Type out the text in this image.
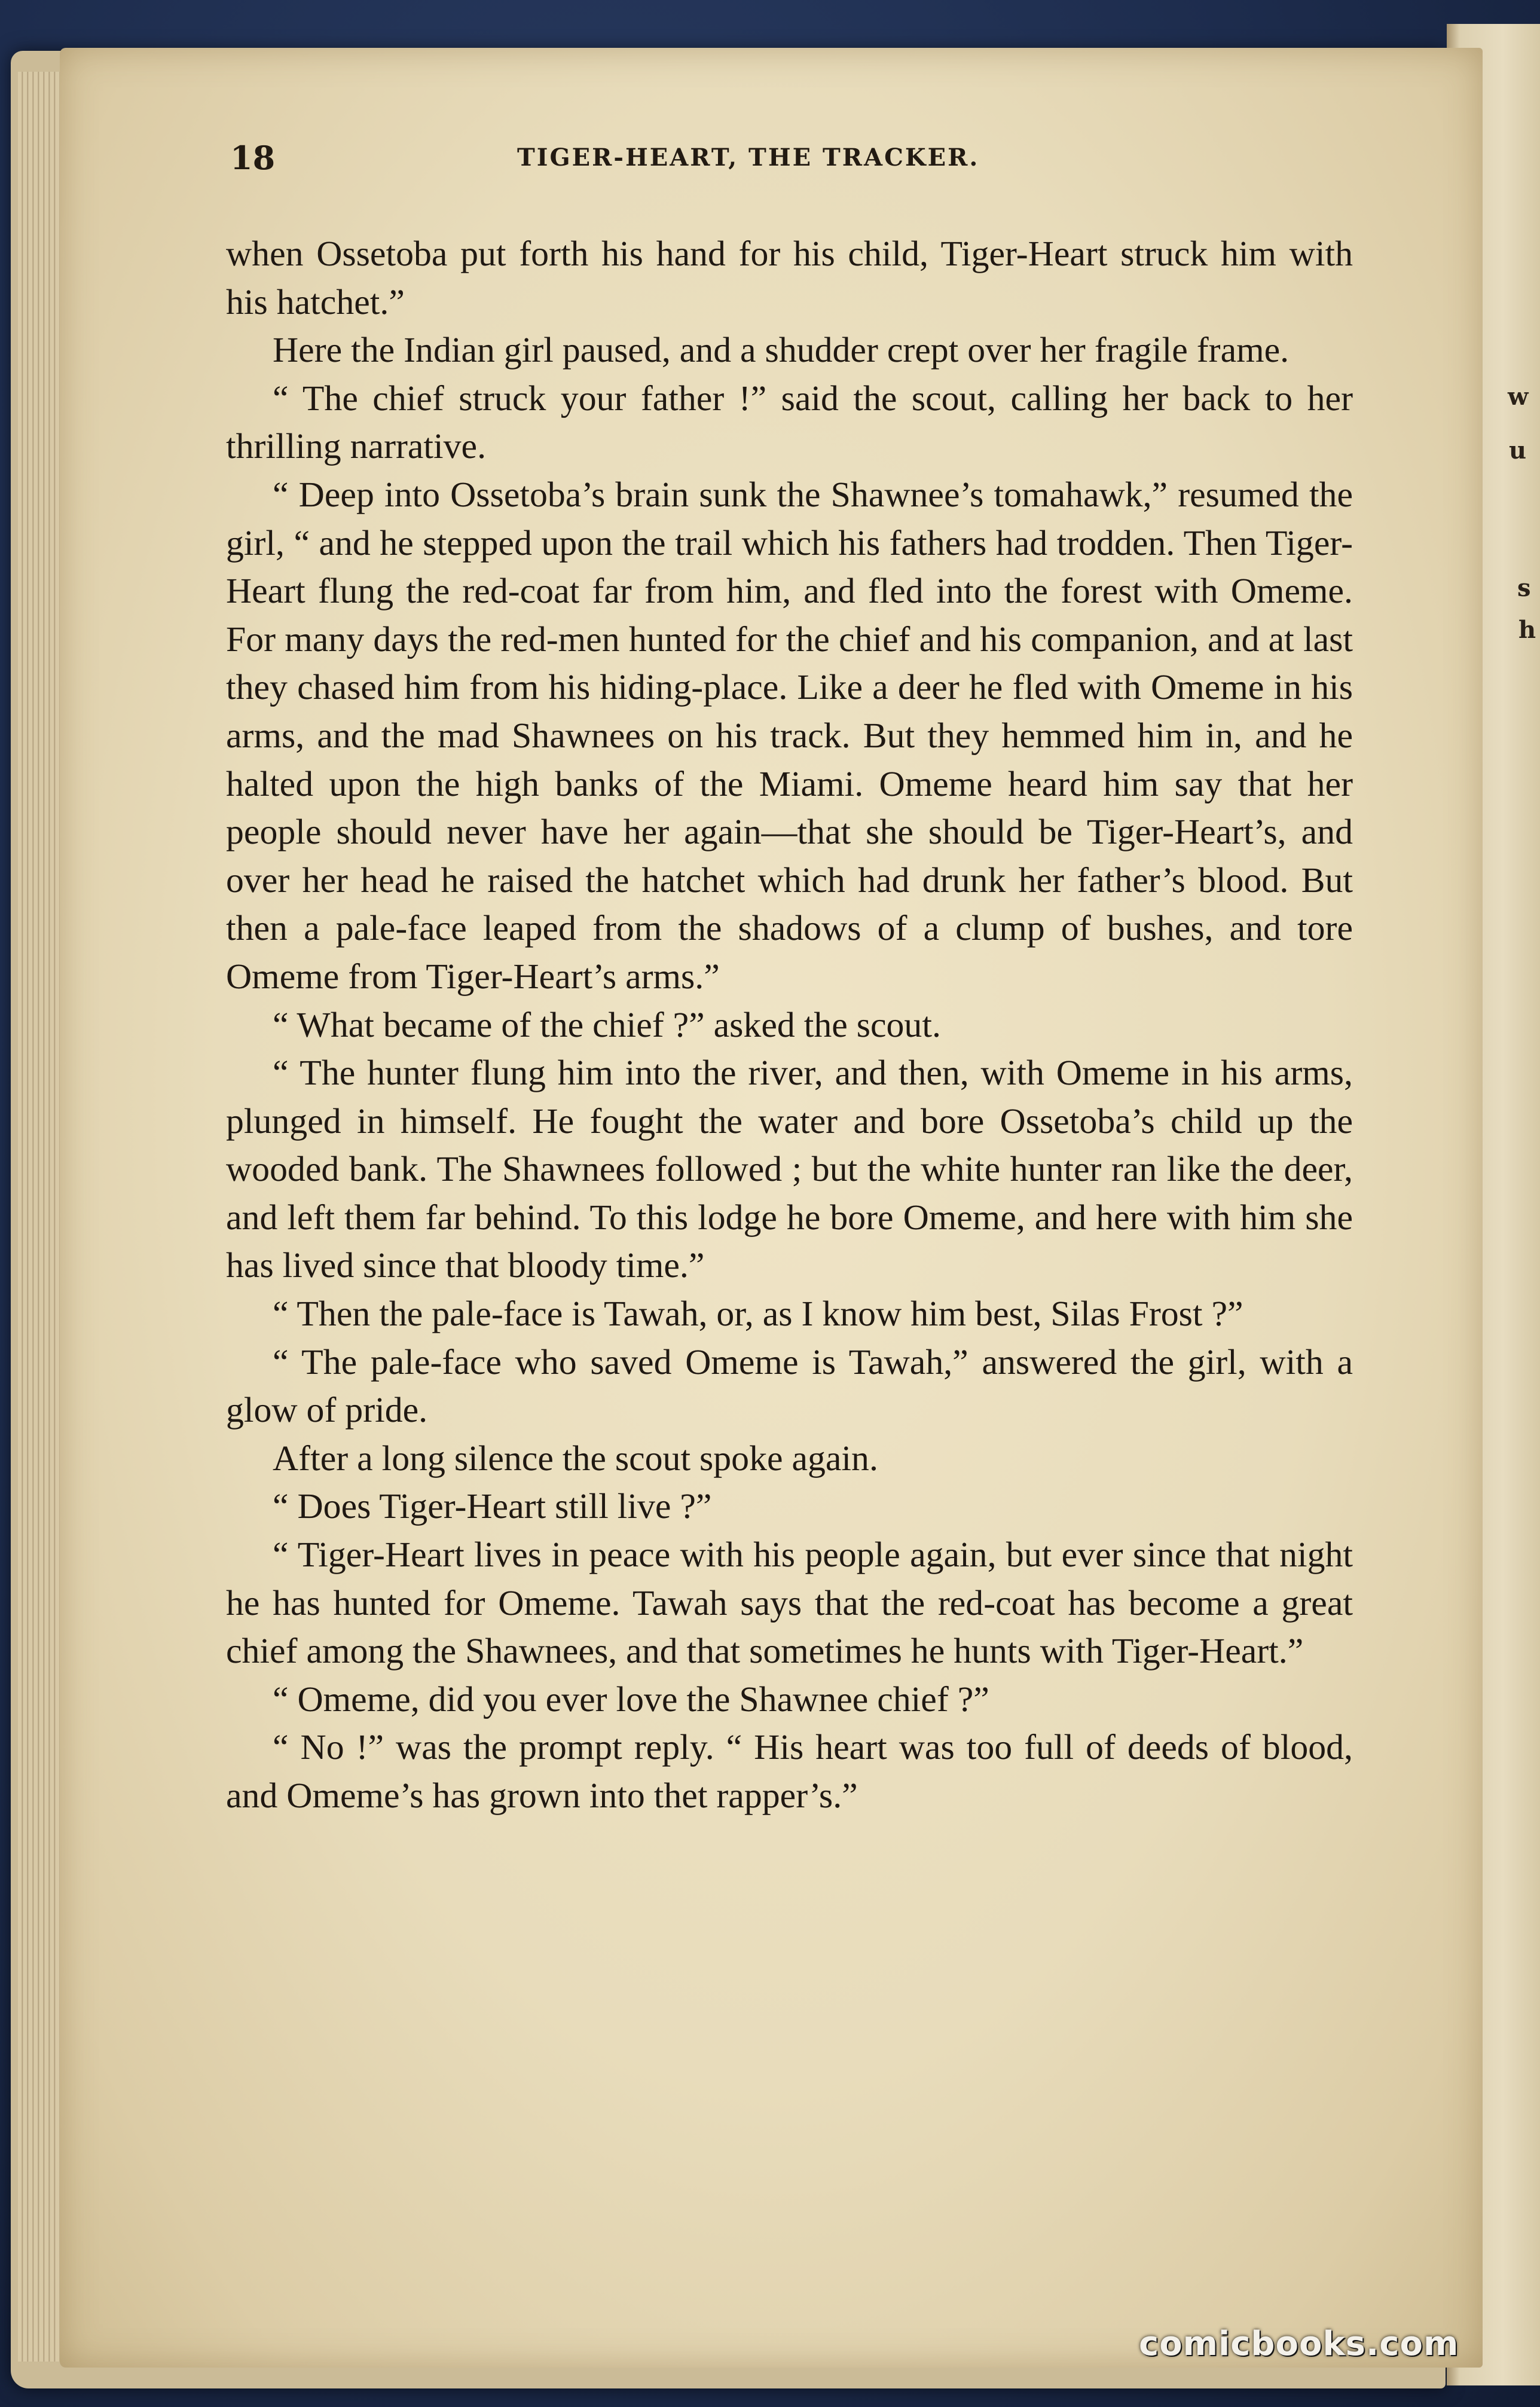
w
u
s
h
18	TIGER-HEART, THE TRACKER.

when Ossetoba put forth his hand for his child, Tiger-Heart struck him with his hatchet.”

Here the Indian girl paused, and a shudder crept over her fragile frame.

“ The chief struck your father !” said the scout, calling her back to her thrilling narrative.

“ Deep into Ossetoba’s brain sunk the Shawnee’s tomahawk,” resumed the girl, “ and he stepped upon the trail which his fathers had trodden. Then Tiger-Heart flung the red-coat far from him, and fled into the forest with Omeme. For many days the red-men hunted for the chief and his companion, and at last they chased him from his hiding-place. Like a deer he fled with Omeme in his arms, and the mad Shawnees on his track. But they hemmed him in, and he halted upon the high banks of the Miami. Omeme heard him say that her people should never have her again—that she should be Tiger-Heart’s, and over her head he raised the hatchet which had drunk her father’s blood. But then a pale-face leaped from the shadows of a clump of bushes, and tore Omeme from Tiger-Heart’s arms.”

“ What became of the chief ?” asked the scout.

“ The hunter flung him into the river, and then, with Omeme in his arms, plunged in himself. He fought the water and bore Ossetoba’s child up the wooded bank. The Shawnees followed ; but the white hunter ran like the deer, and left them far behind. To this lodge he bore Omeme, and here with him she has lived since that bloody time.”

“ Then the pale-face is Tawah, or, as I know him best, Silas Frost ?”

“ The pale-face who saved Omeme is Tawah,” answered the girl, with a glow of pride.

After a long silence the scout spoke again.

“ Does Tiger-Heart still live ?”

“ Tiger-Heart lives in peace with his people again, but ever since that night he has hunted for Omeme. Tawah says that the red-coat has become a great chief among the Shawnees, and that sometimes he hunts with Tiger-Heart.”

“ Omeme, did you ever love the Shawnee chief ?”

“ No !” was the prompt reply. “ His heart was too full of deeds of blood, and Omeme’s has grown into thet rapper’s.”

comicbooks.com
